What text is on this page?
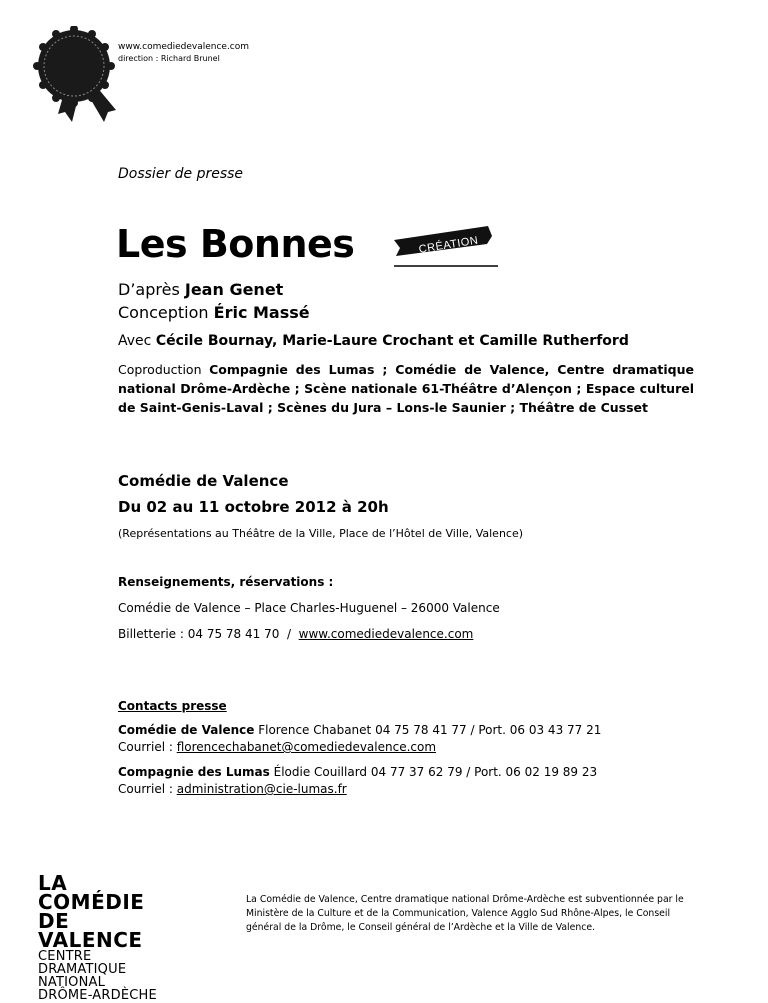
www.comediedevalence.com
direction : Richard Brunel
Dossier de presse
Les Bonnes	CRÉATION
D’après Jean Genet
Conception Éric Massé
Avec Cécile Bournay, Marie-Laure Crochant et Camille Rutherford
Coproduction Compagnie des Lumas ; Comédie de Valence, Centre dramatique national Drôme-Ardèche ; Scène nationale 61-Théâtre d’Alençon ; Espace culturel de Saint-Genis-Laval ; Scènes du Jura – Lons-le Saunier ; Théâtre de Cusset
Comédie de Valence
Du 02 au 11 octobre 2012 à 20h
(Représentations au Théâtre de la Ville, Place de l’Hôtel de Ville, Valence)
Renseignements, réservations :
Comédie de Valence – Place Charles-Huguenel – 26000 Valence
Billetterie : 04 75 78 41 70  /  www.comediedevalence.com
Contacts presse
Comédie de Valence Florence Chabanet 04 75 78 41 77 / Port. 06 03 43 77 21
Courriel : florencechabanet@comediedevalence.com
Compagnie des Lumas Élodie Couillard 04 77 37 62 79 / Port. 06 02 19 89 23
Courriel : administration@cie-lumas.fr
LA COMÉDIE
DE VALENCE
CENTRE
DRAMATIQUE
NATIONAL
DRÔME-ARDÈCHE
La Comédie de Valence, Centre dramatique national Drôme-Ardèche est subventionnée par le Ministère de la Culture et de la Communication, Valence Agglo Sud Rhône-Alpes, le Conseil général de la Drôme, le Conseil général de l’Ardèche et la Ville de Valence.
